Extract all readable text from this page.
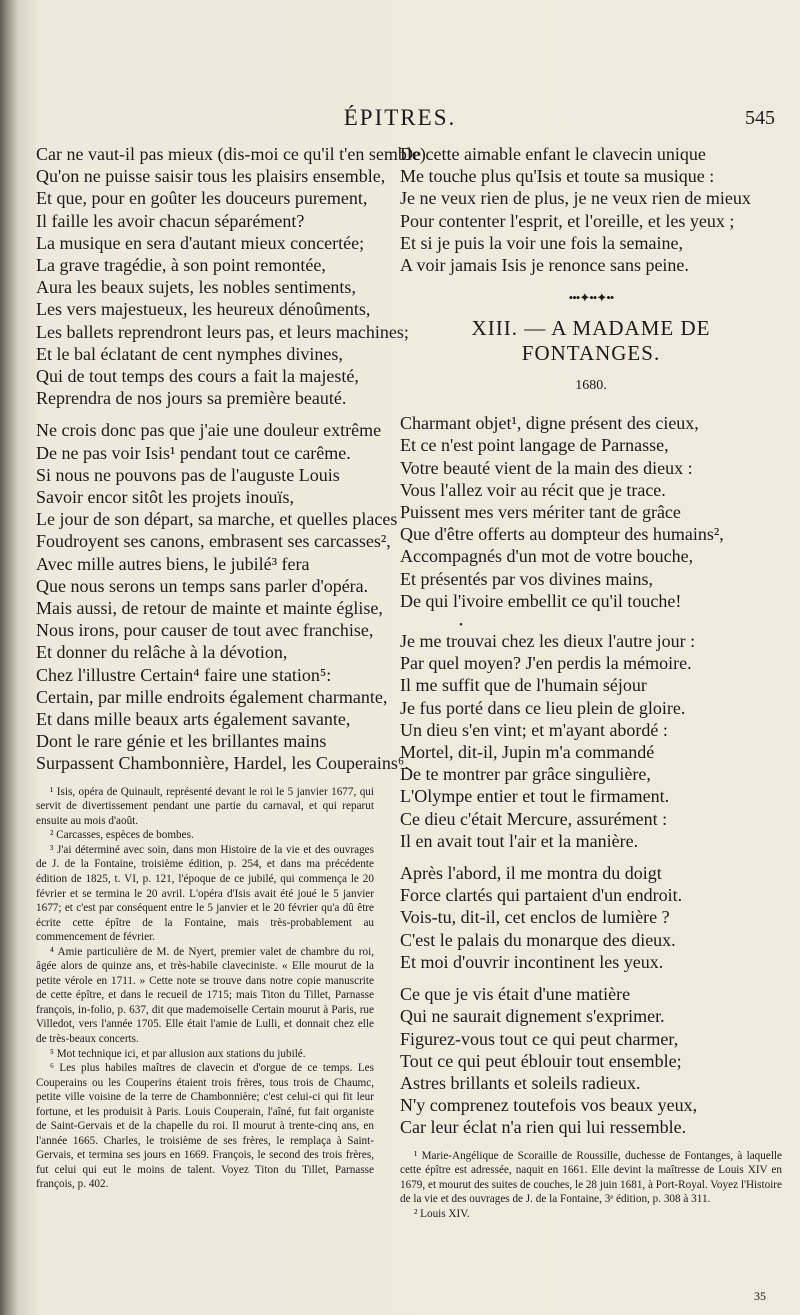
ÉPITRES.	545

Car ne vaut-il pas mieux (dis-moi ce qu'il t'en semble)

Qu'on ne puisse saisir tous les plaisirs ensemble,

Et que, pour en goûter les douceurs purement,

Il faille les avoir chacun séparément?

La musique en sera d'autant mieux concertée;

La grave tragédie, à son point remontée,

Aura les beaux sujets, les nobles sentiments,

Les vers majestueux, les heureux dénoûments,

Les ballets reprendront leurs pas, et leurs machines;

Et le bal éclatant de cent nymphes divines,

Qui de tout temps des cours a fait la majesté,

Reprendra de nos jours sa première beauté.

Ne crois donc pas que j'aie une douleur extrême

De ne pas voir Isis¹ pendant tout ce carême.

Si nous ne pouvons pas de l'auguste Louis

Savoir encor sitôt les projets inouïs,

Le jour de son départ, sa marche, et quelles places

Foudroyent ses canons, embrasent ses carcasses²,

Avec mille autres biens, le jubilé³ fera

Que nous serons un temps sans parler d'opéra.

Mais aussi, de retour de mainte et mainte église,

Nous irons, pour causer de tout avec franchise,

Et donner du relâche à la dévotion,

Chez l'illustre Certain⁴ faire une station⁵:

Certain, par mille endroits également charmante,

Et dans mille beaux arts également savante,

Dont le rare génie et les brillantes mains

Surpassent Chambonnière, Hardel, les Couperains⁶.

¹ Isis, opéra de Quinault, représenté devant le roi le 5 janvier 1677, qui servit de divertissement pendant une partie du carnaval, et qui reparut ensuite au mois d'août.

² Carcasses, espèces de bombes.

³ J'ai déterminé avec soin, dans mon Histoire de la vie et des ouvrages de J. de la Fontaine, troisième édition, p. 254, et dans ma précédente édition de 1825, t. VI, p. 121, l'époque de ce jubilé, qui commença le 20 février et se termina le 20 avril. L'opéra d'Isis avait été joué le 5 janvier 1677; et c'est par conséquent entre le 5 janvier et le 20 février qu'a dû être écrite cette épître de la Fontaine, mais très-probablement au commencement de février.

⁴ Amie particulière de M. de Nyert, premier valet de chambre du roi, âgée alors de quinze ans, et très-habile claveciniste. « Elle mourut de la petite vérole en 1711. » Cette note se trouve dans notre copie manuscrite de cette épître, et dans le recueil de 1715; mais Titon du Tillet, Parnasse françois, in-folio, p. 637, dit que mademoiselle Certain mourut à Paris, rue Villedot, vers l'année 1705. Elle était l'amie de Lulli, et donnait chez elle de très-beaux concerts.

⁵ Mot technique ici, et par allusion aux stations du jubilé.

⁶ Les plus habiles maîtres de clavecin et d'orgue de ce temps. Les Couperains ou les Couperins étaient trois frères, tous trois de Chaumc, petite ville voisine de la terre de Chambonnière; c'est celui-ci qui fit leur fortune, et les produisit à Paris. Louis Couperain, l'aîné, fut fait organiste de Saint-Gervais et de la chapelle du roi. Il mourut à trente-cinq ans, en l'année 1665. Charles, le troisième de ses frères, le remplaça à Saint-Gervais, et termina ses jours en 1669. François, le second des trois frères, fut celui qui eut le moins de talent. Voyez Titon du Tillet, Parnasse françois, p. 402.

De cette aimable enfant le clavecin unique

Me touche plus qu'Isis et toute sa musique :

Je ne veux rien de plus, je ne veux rien de mieux

Pour contenter l'esprit, et l'oreille, et les yeux ;

Et si je puis la voir une fois la semaine,

A voir jamais Isis je renonce sans peine.

•••✦••✦••
XIII. — A MADAME DE FONTANGES.
1680.

Charmant objet¹, digne présent des cieux,

Et ce n'est point langage de Parnasse,

Votre beauté vient de la main des dieux :

Vous l'allez voir au récit que je trace.

Puissent mes vers mériter tant de grâce

Que d'être offerts au dompteur des humains²,

Accompagnés d'un mot de votre bouche,

Et présentés par vos divines mains,

De qui l'ivoire embellit ce qu'il touche!

•

Je me trouvai chez les dieux l'autre jour :

Par quel moyen? J'en perdis la mémoire.

Il me suffit que de l'humain séjour

Je fus porté dans ce lieu plein de gloire.

Un dieu s'en vint; et m'ayant abordé :

Mortel, dit-il, Jupin m'a commandé

De te montrer par grâce singulière,

L'Olympe entier et tout le firmament.

Ce dieu c'était Mercure, assurément :

Il en avait tout l'air et la manière.

Après l'abord, il me montra du doigt

Force clartés qui partaient d'un endroit.

Vois-tu, dit-il, cet enclos de lumière ?

C'est le palais du monarque des dieux.

Et moi d'ouvrir incontinent les yeux.

Ce que je vis était d'une matière

Qui ne saurait dignement s'exprimer.

Figurez-vous tout ce qui peut charmer,

Tout ce qui peut éblouir tout ensemble;

Astres brillants et soleils radieux.

N'y comprenez toutefois vos beaux yeux,

Car leur éclat n'a rien qui lui ressemble.

¹ Marie-Angélique de Scoraille de Roussille, duchesse de Fontanges, à laquelle cette épître est adressée, naquit en 1661. Elle devint la maîtresse de Louis XIV en 1679, et mourut des suites de couches, le 28 juin 1681, à Port-Royal. Voyez l'Histoire de la vie et des ouvrages de J. de la Fontaine, 3ᵉ édition, p. 308 à 311.

² Louis XIV.

35
